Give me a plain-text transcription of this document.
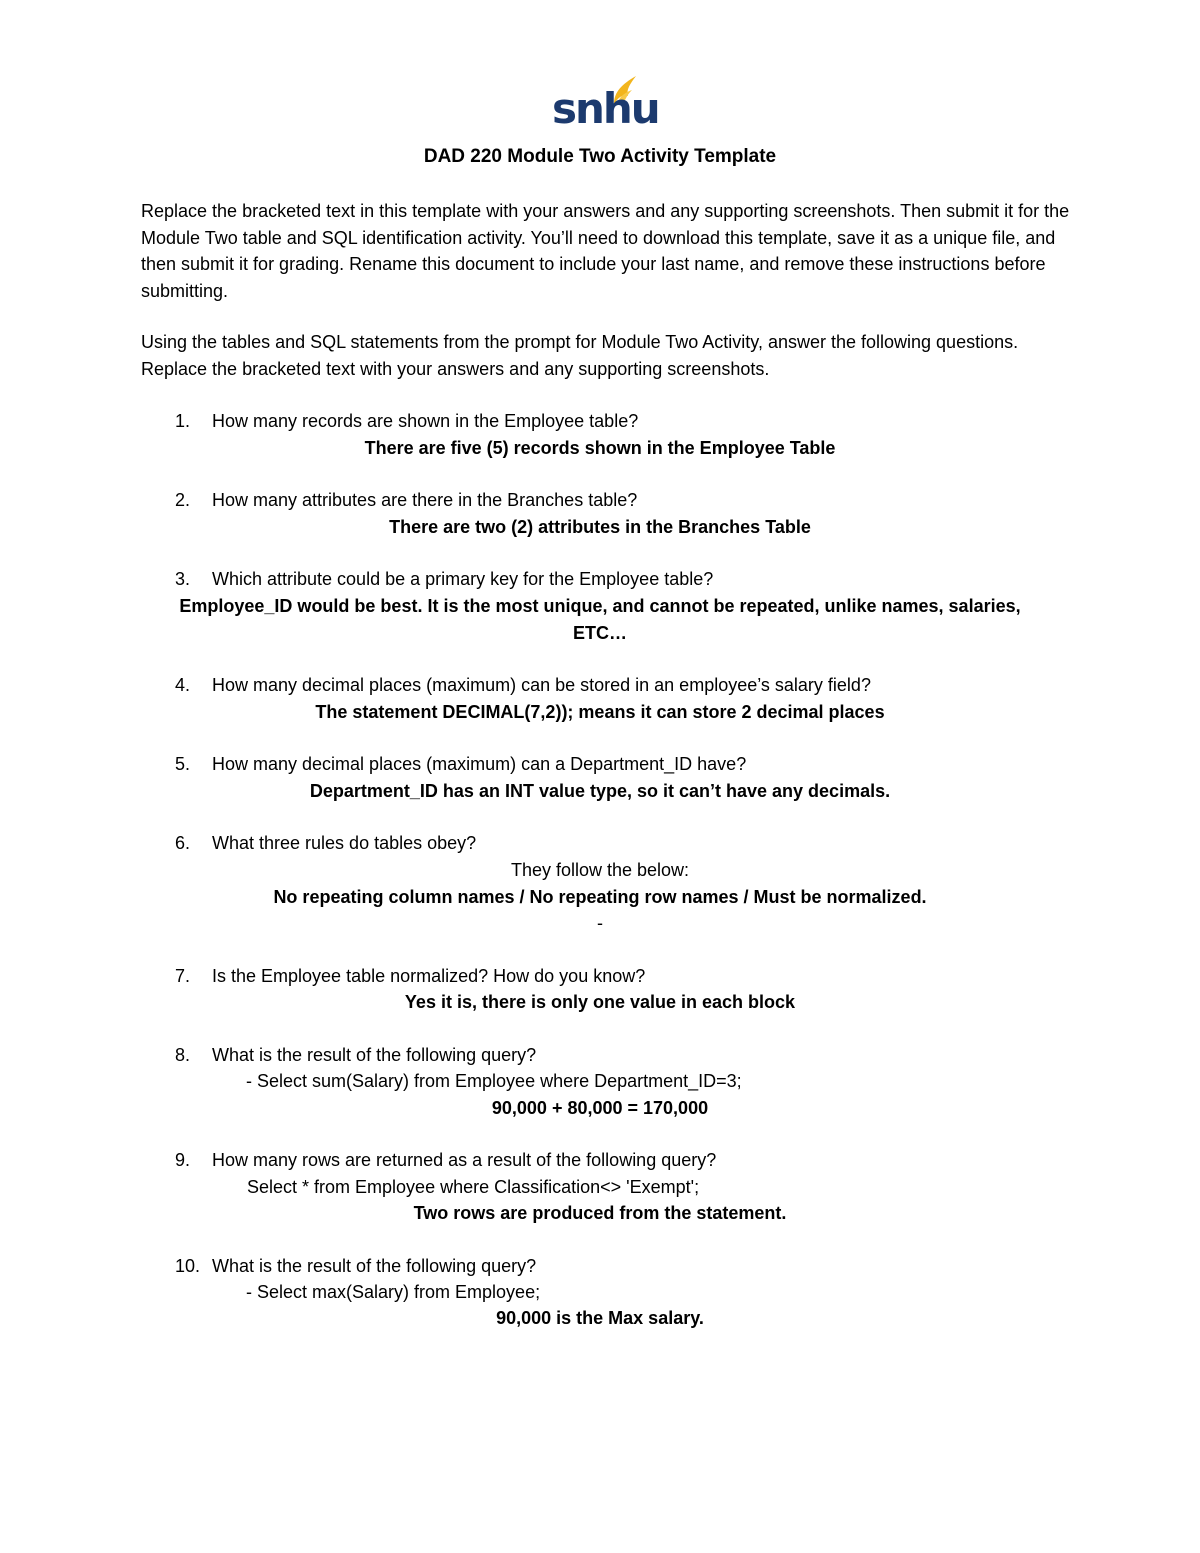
snhu
DAD 220 Module Two Activity Template
Replace the bracketed text in this template with your answers and any supporting screenshots. Then submit it for the Module Two table and SQL identification activity. You’ll need to download this template, save it as a unique file, and then submit it for grading. Rename this document to include your last name, and remove these instructions before submitting.
Using the tables and SQL statements from the prompt for Module Two Activity, answer the following questions. Replace the bracketed text with your answers and any supporting screenshots.
1.	How many records are shown in the Employee table?
There are five (5) records shown in the Employee Table
2.	How many attributes are there in the Branches table?
There are two (2) attributes in the Branches Table
3.	Which attribute could be a primary key for the Employee table?
Employee_ID would be best. It is the most unique, and cannot be repeated, unlike names, salaries,
ETC…
4.	How many decimal places (maximum) can be stored in an employee’s salary field?
The statement DECIMAL(7,2)); means it can store 2 decimal places
5.	How many decimal places (maximum) can a Department_ID have?
Department_ID has an INT value type, so it can’t have any decimals.
6.	What three rules do tables obey?
They follow the below:
No repeating column names / No repeating row names / Must be normalized.
-
7.	Is the Employee table normalized? How do you know?
Yes it is, there is only one value in each block
8.	What is the result of the following query?
- Select sum(Salary) from Employee where Department_ID=3;
90,000 + 80,000 = 170,000
9.	How many rows are returned as a result of the following query?
Select * from Employee where Classification<> 'Exempt';
Two rows are produced from the statement.
10. What is the result of the following query?
- Select max(Salary) from Employee;
90,000 is the Max salary.
